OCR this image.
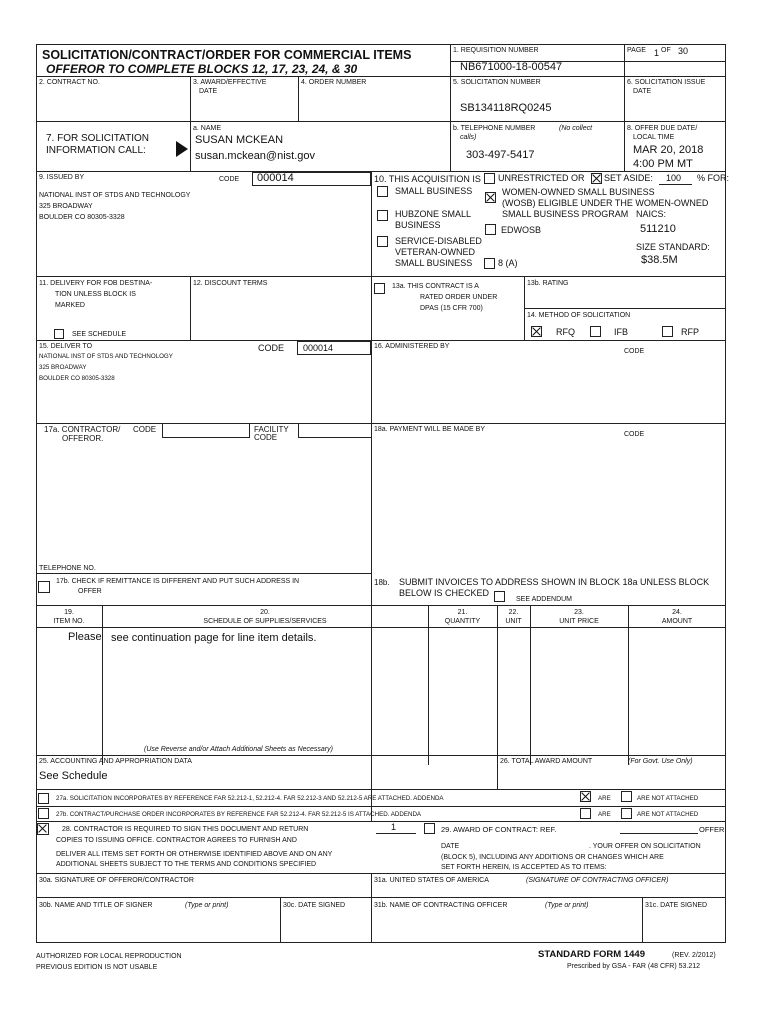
SOLICITATION/CONTRACT/ORDER FOR COMMERCIAL ITEMS
OFFEROR TO COMPLETE BLOCKS 12, 17, 23, 24, & 30
1. REQUISITION NUMBER
NB671000-18-00547
PAGE 1 OF 30
2. CONTRACT NO.	3. AWARD/EFFECTIVE
DATE
4. ORDER NUMBER	5. SOLICITATION NUMBER
SB134118RQ0245
6. SOLICITATION ISSUE
DATE
7. FOR SOLICITATION
INFORMATION CALL:
a. NAME
SUSAN MCKEAN
susan.mckean@nist.gov
b. TELEPHONE NUMBER	(No collect
calls)
303-497-5417
8. OFFER DUE DATE/
LOCAL TIME
MAR 20, 2018
4:00 PM MT
9. ISSUED BY	CODE 000014
NATIONAL INST OF STDS AND TECHNOLOGY
325 BROADWAY
BOULDER CO 80305-3328
10. THIS ACQUISITION IS UNRESTRICTED OR SET ASIDE: 100 % FOR:
SMALL BUSINESS	WOMEN-OWNED SMALL BUSINESS
(WOSB) ELIGIBLE UNDER THE WOMEN-OWNED
SMALL BUSINESS PROGRAM NAICS:
511210
HUBZONE SMALL
BUSINESS	EDWOSB
SERVICE-DISABLED
VETERAN-OWNED
SMALL BUSINESS	8 (A)
SIZE STANDARD:
$38.5M
11. DELIVERY FOR FOB DESTINA-
TION UNLESS BLOCK IS
MARKED
SEE SCHEDULE
12. DISCOUNT TERMS	13a. THIS CONTRACT IS A
RATED ORDER UNDER
DPAS (15 CFR 700)
13b. RATING
14. METHOD OF SOLICITATION
RFQ	IFB	RFP
15. DELIVER TO	CODE 000014
NATIONAL INST OF STDS AND TECHNOLOGY
325 BROADWAY
BOULDER CO 80305-3328
16. ADMINISTERED BY
CODE
17a. CONTRACTOR/
OFFEROR.
CODE	FACILITY
CODE
18a. PAYMENT WILL BE MADE BY
CODE
TELEPHONE NO.
17b. CHECK IF REMITTANCE IS DIFFERENT AND PUT SUCH ADDRESS IN
OFFER
18b. SUBMIT INVOICES TO ADDRESS SHOWN IN BLOCK 18a UNLESS BLOCK
BELOW IS CHECKED
SEE ADDENDUM
19.
ITEM NO.
20.
SCHEDULE OF SUPPLIES/SERVICES
21.
QUANTITY
22.
UNIT
23.
UNIT PRICE
24.
AMOUNT
Please see continuation page for line item details.
(Use Reverse and/or Attach Additional Sheets as Necessary)
25. ACCOUNTING AND APPROPRIATION DATA
See Schedule
26. TOTAL AWARD AMOUNT	(For Govt. Use Only)
27a. SOLICITATION INCORPORATES BY REFERENCE FAR 52.212-1, 52.212-4. FAR 52.212-3 AND 52.212-5 ARE ATTACHED. ADDENDA	ARE	ARE NOT ATTACHED
27b. CONTRACT/PURCHASE ORDER INCORPORATES BY REFERENCE FAR 52.212-4. FAR 52.212-5 IS ATTACHED. ADDENDA	ARE	ARE NOT ATTACHED
28. CONTRACTOR IS REQUIRED TO SIGN THIS DOCUMENT AND RETURN
COPIES TO ISSUING OFFICE. CONTRACTOR AGREES TO FURNISH AND
DELIVER ALL ITEMS SET FORTH OR OTHERWISE IDENTIFIED ABOVE AND ON ANY
ADDITIONAL SHEETS SUBJECT TO THE TERMS AND CONDITIONS SPECIFIED
1	29. AWARD OF CONTRACT: REF.	OFFER
DATE	. YOUR OFFER ON SOLICITATION
(BLOCK 5), INCLUDING ANY ADDITIONS OR CHANGES WHICH ARE
SET FORTH HEREIN, IS ACCEPTED AS TO ITEMS:
30a. SIGNATURE OF OFFEROR/CONTRACTOR	31a. UNITED STATES OF AMERICA	(SIGNATURE OF CONTRACTING OFFICER)
30b. NAME AND TITLE OF SIGNER	(Type or print)	30c. DATE SIGNED	31b. NAME OF CONTRACTING OFFICER	(Type or print)	31c. DATE SIGNED
AUTHORIZED FOR LOCAL REPRODUCTION
PREVIOUS EDITION IS NOT USABLE
STANDARD FORM 1449	(REV. 2/2012)
Prescribed by GSA - FAR (48 CFR) 53.212
